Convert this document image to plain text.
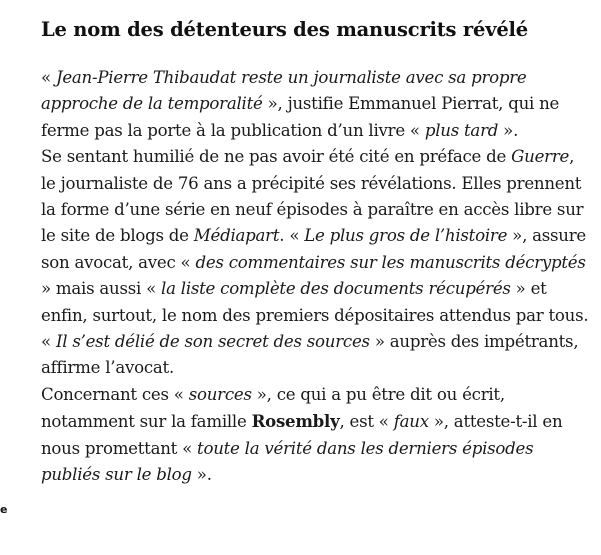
Le nom des détenteurs des manuscrits révélé

« Jean-Pierre Thibaudat reste un journaliste avec sa propre approche de la temporalité », justifie Emmanuel Pierrat, qui ne ferme pas la porte à la publication d’un livre « plus tard ».
Se sentant humilié de ne pas avoir été cité en préface de Guerre, le journaliste de 76 ans a précipité ses révélations. Elles prennent la forme d’une série en neuf épisodes à paraître en accès libre sur le site de blogs de Médiapart. « Le plus gros de l’histoire », assure son avocat, avec « des commentaires sur les manuscrits décryptés » mais aussi « la liste complète des documents récupérés » et enfin, surtout, le nom des premiers dépositaires attendus par tous.
« Il s’est délié de son secret des sources » auprès des impétrants, affirme l’avocat.
Concernant ces « sources », ce qui a pu être dit ou écrit, notamment sur la famille Rosembly, est « faux », atteste-t-il en nous promettant « toute la vérité dans les derniers épisodes publiés sur le blog ».

e
